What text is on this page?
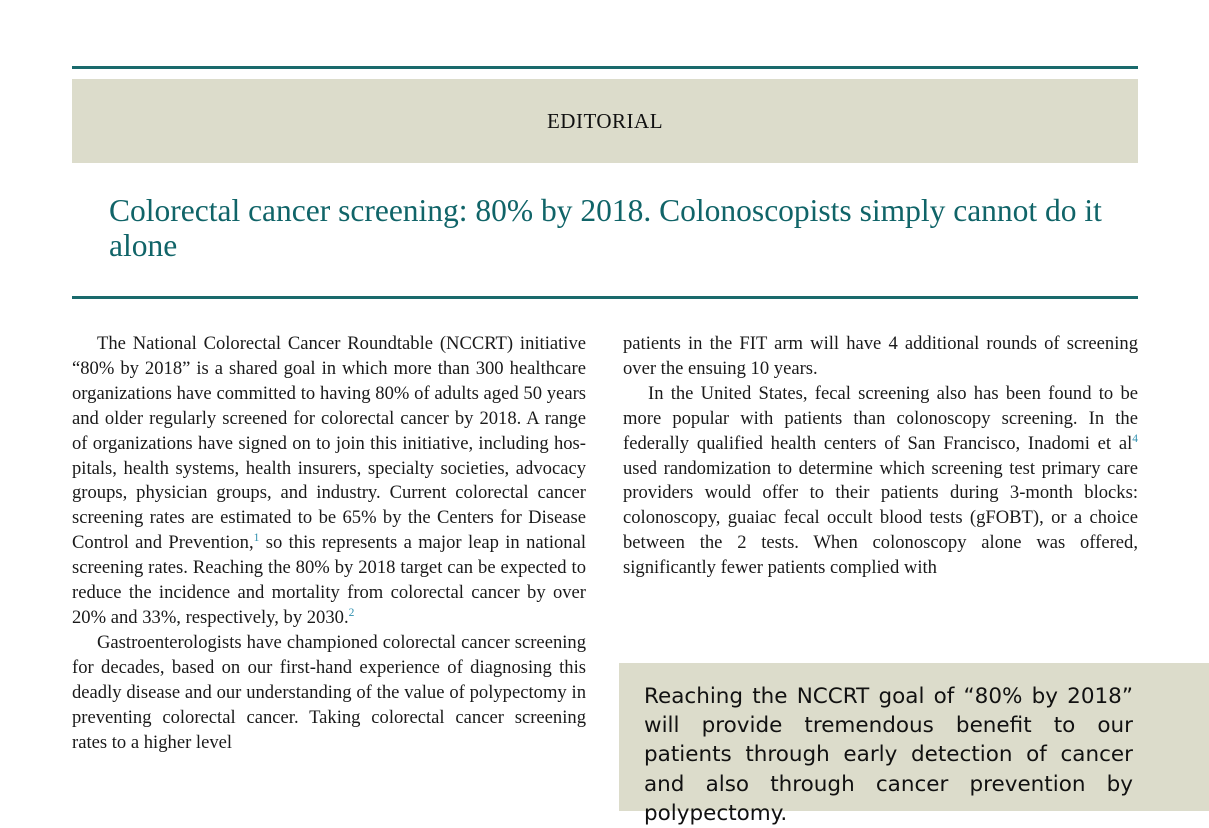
EDITORIAL
Colorectal cancer screening: 80% by 2018. Colonoscopists simply cannot do it alone

The National Colorectal Cancer Roundtable (NCCRT) initiative “80% by 2018” is a shared goal in which more than 300 healthcare organizations have committed to having 80% of adults aged 50 years and older regularly screened for colorectal cancer by 2018. A range of organizations have signed on to join this initiative, including hospitals, health systems, health insurers, specialty societies, advocacy groups, physician groups, and industry. Current colorectal cancer screening rates are estimated to be 65% by the Centers for Disease Control and Prevention,$^1$ so this represents a major leap in national screening rates. Reaching the 80% by 2018 target can be expected to reduce the incidence and mortality from colorectal cancer by over 20% and 33%, respectively, by 2030.$^2$

Gastroenterologists have championed colorectal cancer screening for decades, based on our first-hand experience of diagnosing this deadly disease and our understanding of the value of polypectomy in preventing colorectal cancer. Taking colorectal cancer screening rates to a higher level

patients in the FIT arm will have 4 additional rounds of screening over the ensuing 10 years.

In the United States, fecal screening also has been found to be more popular with patients than colonoscopy screening. In the federally qualified health centers of San Francisco, Inadomi et al$^4$ used randomization to determine which screening test primary care providers would offer to their patients during 3-month blocks: colonoscopy, guaiac fecal occult blood tests (gFOBT), or a choice between the 2 tests. When colonoscopy alone was offered, significantly fewer patients complied with

Reaching the NCCRT goal of “80% by 2018” will provide tremendous benefit to our patients through early detection of cancer and also through cancer prevention by polypectomy.
